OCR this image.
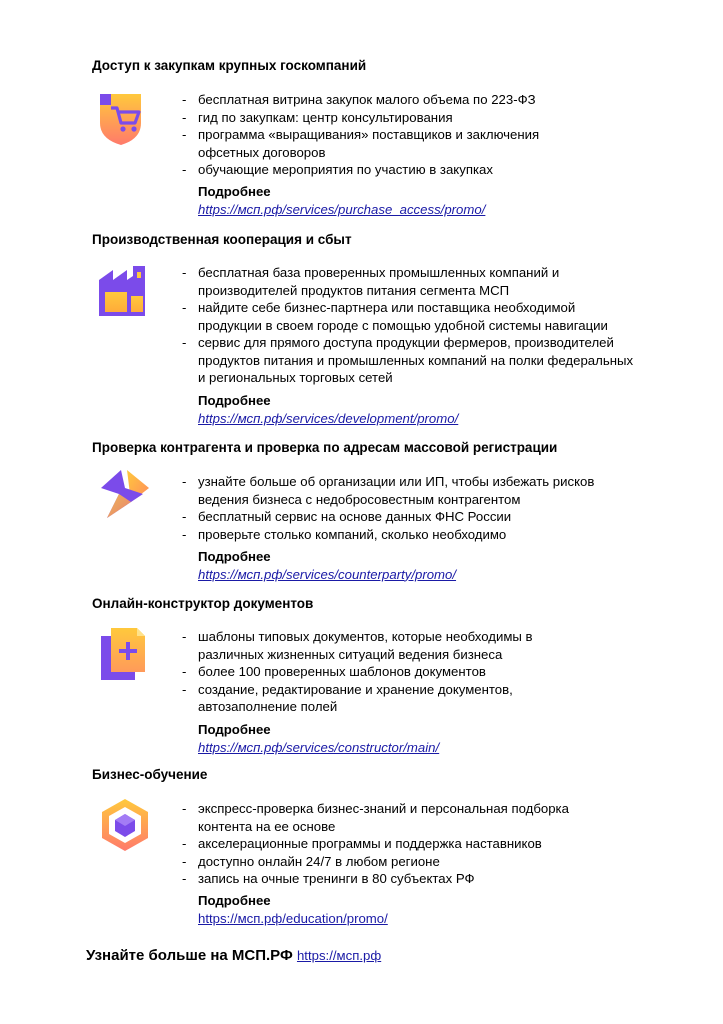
Доступ к закупкам крупных госкомпаний
- бесплатная витрина закупок малого объема по 223-ФЗ
- гид по закупкам: центр консультирования
- программа «выращивания» поставщиков и заключения офсетных договоров
- обучающие мероприятия по участию в закупках
Подробнее
https://мсп.рф/services/purchase_access/promo/
Производственная кооперация и сбыт
- бесплатная база проверенных промышленных компаний и производителей продуктов питания сегмента МСП
- найдите себе бизнес-партнера или поставщика необходимой продукции в своем городе с помощью удобной системы навигации
- сервис для прямого доступа продукции фермеров, производителей продуктов питания и промышленных компаний на полки федеральных и региональных торговых сетей
Подробнее
https://мсп.рф/services/development/promo/
Проверка контрагента и проверка по адресам массовой регистрации
- узнайте больше об организации или ИП, чтобы избежать рисков ведения бизнеса с недобросовестным контрагентом
- бесплатный сервис на основе данных ФНС России
- проверьте столько компаний, сколько необходимо
Подробнее
https://мсп.рф/services/counterparty/promo/
Онлайн-конструктор документов
- шаблоны типовых документов, которые необходимы в различных жизненных ситуаций ведения бизнеса
- более 100 проверенных шаблонов документов
- создание, редактирование и хранение документов, автозаполнение полей
Подробнее
https://мсп.рф/services/constructor/main/
Бизнес-обучение
- экспресс-проверка бизнес-знаний и персональная подборка контента на ее основе
- акселерационные программы и поддержка наставников
- доступно онлайн 24/7 в любом регионе
- запись на очные тренинги в 80 субъектах РФ
Подробнее
https://мсп.рф/education/promo/
Узнайте больше на МСП.РФ https://мсп.рф
